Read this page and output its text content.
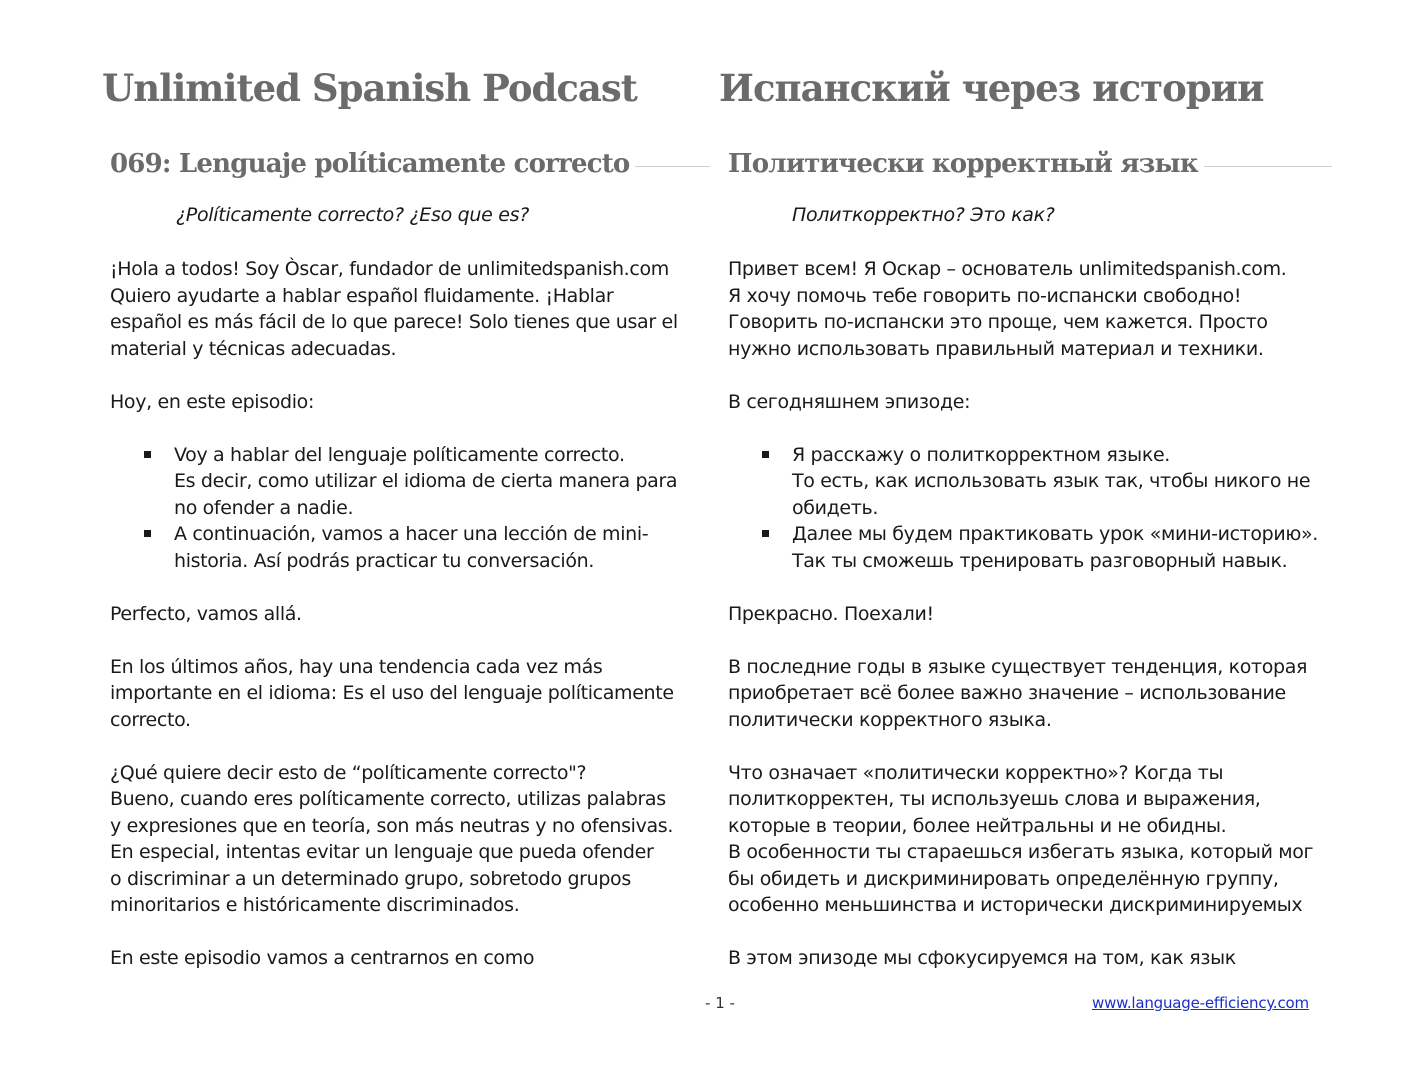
Unlimited Spanish Podcast
069: Lenguaje políticamente correcto

¿Políticamente correcto? ¿Eso que es?

¡Hola a todos! Soy Òscar, fundador de unlimitedspanish.com
Quiero ayudarte a hablar español fluidamente. ¡Hablar
español es más fácil de lo que parece! Solo tienes que usar el
material y técnicas adecuadas.

Hoy, en este episodio:

Voy a hablar del lenguaje políticamente correcto.
Es decir, como utilizar el idioma de cierta manera para
no ofender a nadie.
A continuación, vamos a hacer una lección de mini-
historia. Así podrás practicar tu conversación.

Perfecto, vamos allá.

En los últimos años, hay una tendencia cada vez más
importante en el idioma: Es el uso del lenguaje políticamente
correcto.

¿Qué quiere decir esto de “políticamente correcto"?
Bueno, cuando eres políticamente correcto, utilizas palabras
y expresiones que en teoría, son más neutras y no ofensivas.
En especial, intentas evitar un lenguaje que pueda ofender
o discriminar a un determinado grupo, sobretodo grupos
minoritarios e históricamente discriminados.

En este episodio vamos a centrarnos en como

Испанский через истории
Политически корректный язык

Политкорректно? Это как?

Привет всем! Я Оскар – основатель unlimitedspanish.com.
Я хочу помочь тебе говорить по-испански свободно!
Говорить по-испански это проще, чем кажется. Просто
нужно использовать правильный материал и техники.

В сегодняшнем эпизоде:

Я расскажу о политкорректном языке.
То есть, как использовать язык так, чтобы никого не
обидеть.
Далее мы будем практиковать урок «мини-историю».
Так ты сможешь тренировать разговорный навык.

Прекрасно. Поехали!

В последние годы в языке существует тенденция, которая
приобретает всё более важно значение – использование
политически корректного языка.

Что означает «политически корректно»? Когда ты
политкорректен, ты используешь слова и выражения,
которые в теории, более нейтральны и не обидны.
В особенности ты стараешься избегать языка, который мог
бы обидеть и дискриминировать определённую группу,
особенно меньшинства и исторически дискриминируемых

В этом эпизоде мы сфокусируемся на том, как язык

- 1 -	www.language-efficiency.com
